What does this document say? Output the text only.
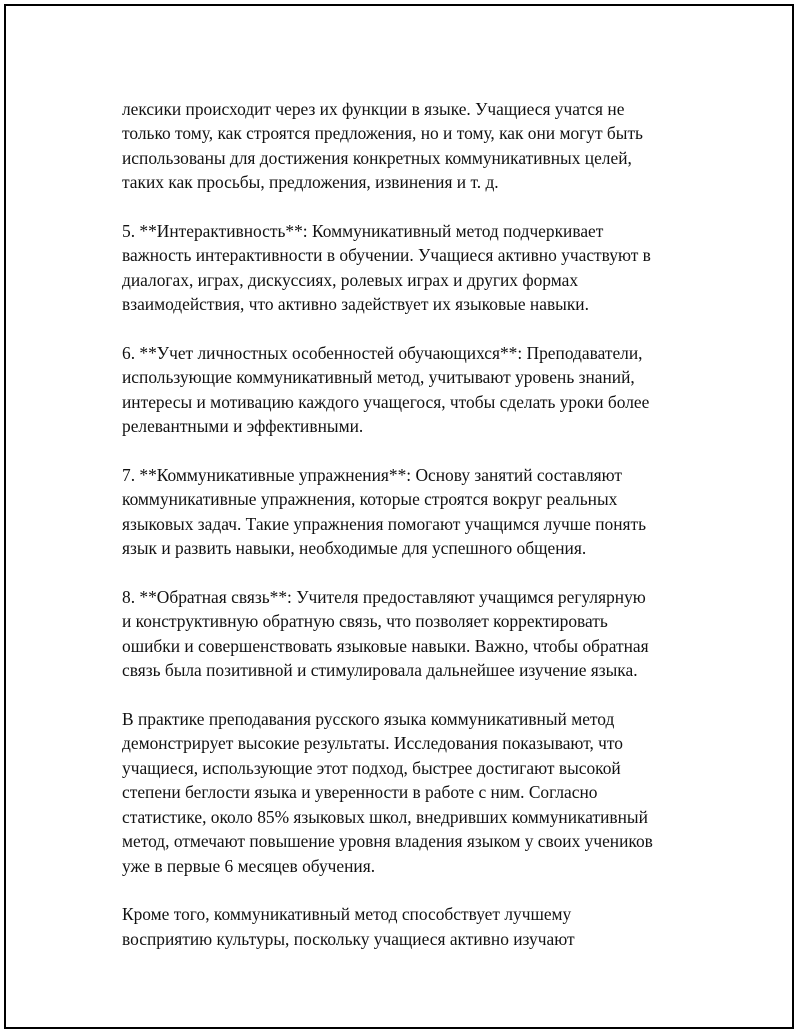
лексики происходит через их функции в языке. Учащиеся учатся не
только тому, как строятся предложения, но и тому, как они могут быть
использованы для достижения конкретных коммуникативных целей,
таких как просьбы, предложения, извинения и т. д.

5. **Интерактивность**: Коммуникативный метод подчеркивает
важность интерактивности в обучении. Учащиеся активно участвуют в
диалогах, играх, дискуссиях, ролевых играх и других формах
взаимодействия, что активно задействует их языковые навыки.

6. **Учет личностных особенностей обучающихся**: Преподаватели,
использующие коммуникативный метод, учитывают уровень знаний,
интересы и мотивацию каждого учащегося, чтобы сделать уроки более
релевантными и эффективными.

7. **Коммуникативные упражнения**: Основу занятий составляют
коммуникативные упражнения, которые строятся вокруг реальных
языковых задач. Такие упражнения помогают учащимся лучше понять
язык и развить навыки, необходимые для успешного общения.

8. **Обратная связь**: Учителя предоставляют учащимся регулярную
и конструктивную обратную связь, что позволяет корректировать
ошибки и совершенствовать языковые навыки. Важно, чтобы обратная
связь была позитивной и стимулировала дальнейшее изучение языка.

В практике преподавания русского языка коммуникативный метод
демонстрирует высокие результаты. Исследования показывают, что
учащиеся, использующие этот подход, быстрее достигают высокой
степени беглости языка и уверенности в работе с ним. Согласно
статистике, около 85% языковых школ, внедривших коммуникативный
метод, отмечают повышение уровня владения языком у своих учеников
уже в первые 6 месяцев обучения.

Кроме того, коммуникативный метод способствует лучшему
восприятию культуры, поскольку учащиеся активно изучают
